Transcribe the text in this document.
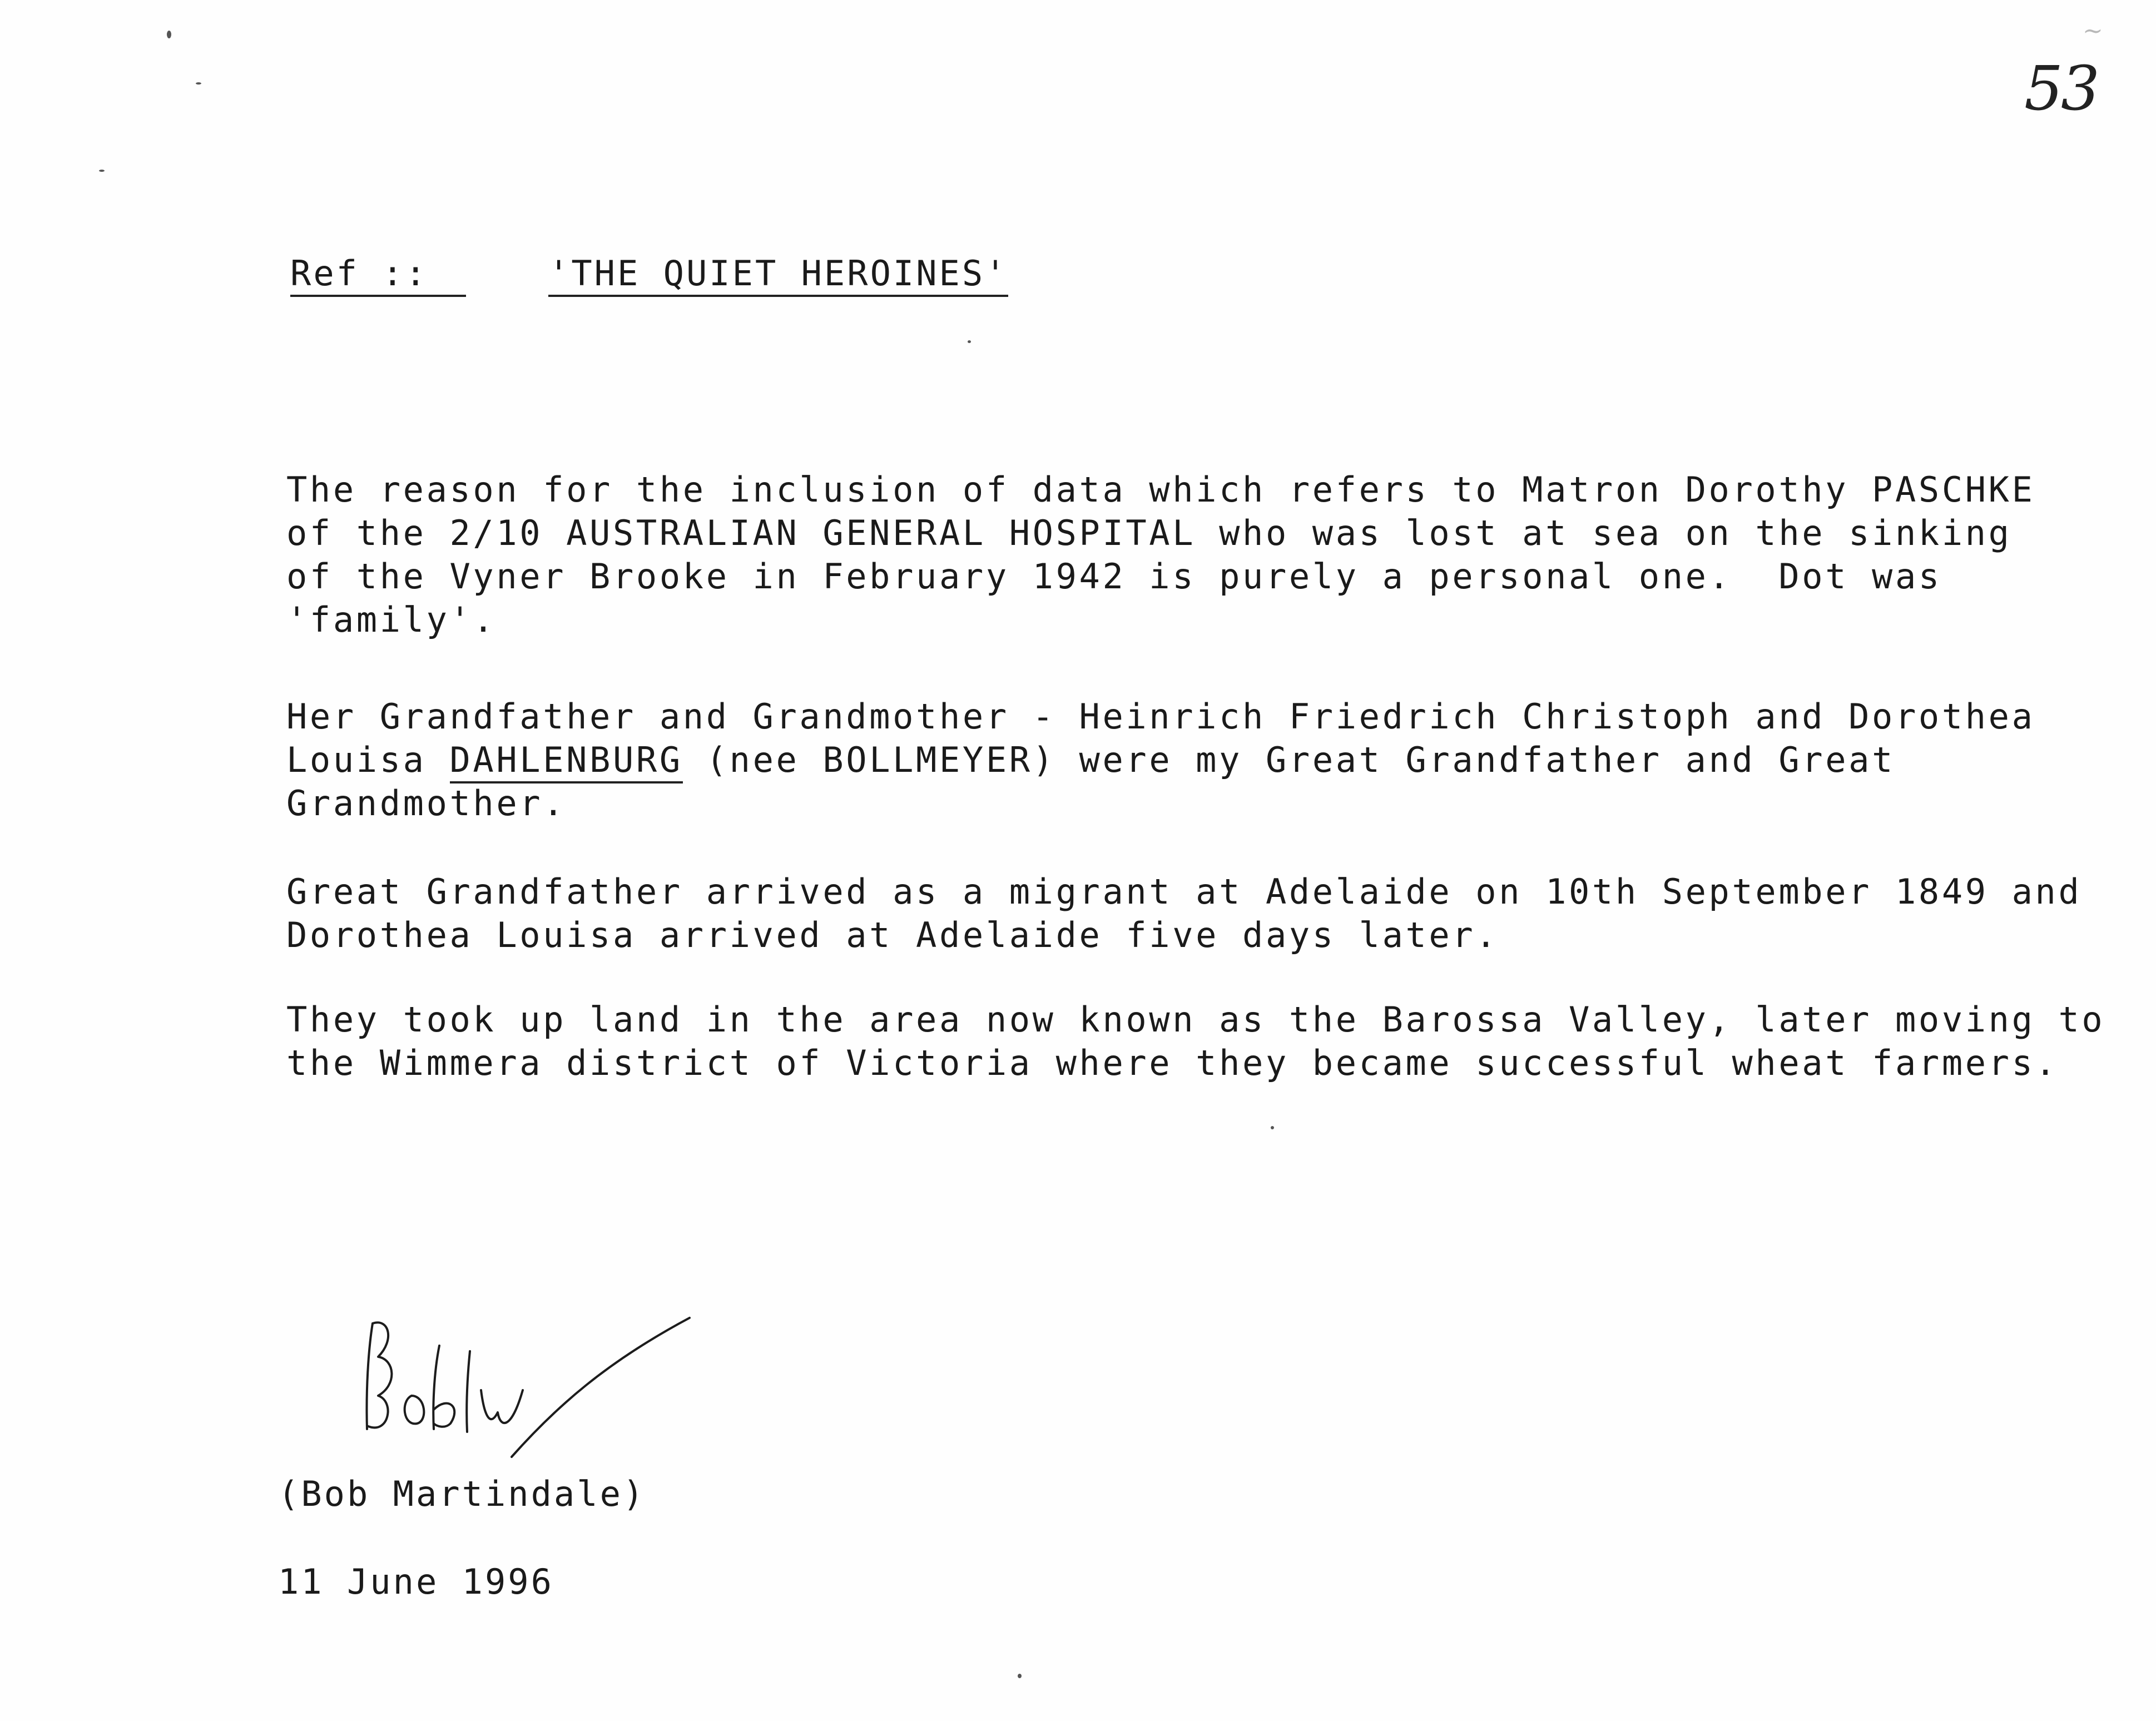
~
53
Ref ::	'THE QUIET HEROINES'

The reason for the inclusion of data which refers to Matron Dorothy PASCHKE

of the 2/10 AUSTRALIAN GENERAL HOSPITAL who was lost at sea on the sinking

of the Vyner Brooke in February 1942 is purely a personal one.  Dot was

'family'.

Her Grandfather and Grandmother - Heinrich Friedrich Christoph and Dorothea

Louisa DAHLENBURG (nee BOLLMEYER) were my Great Grandfather and Great

Grandmother.

Great Grandfather arrived as a migrant at Adelaide on 10th September 1849 and

Dorothea Louisa arrived at Adelaide five days later.

They took up land in the area now known as the Barossa Valley, later moving to

the Wimmera district of Victoria where they became successful wheat farmers.

(Bob Martindale)
11 June 1996
